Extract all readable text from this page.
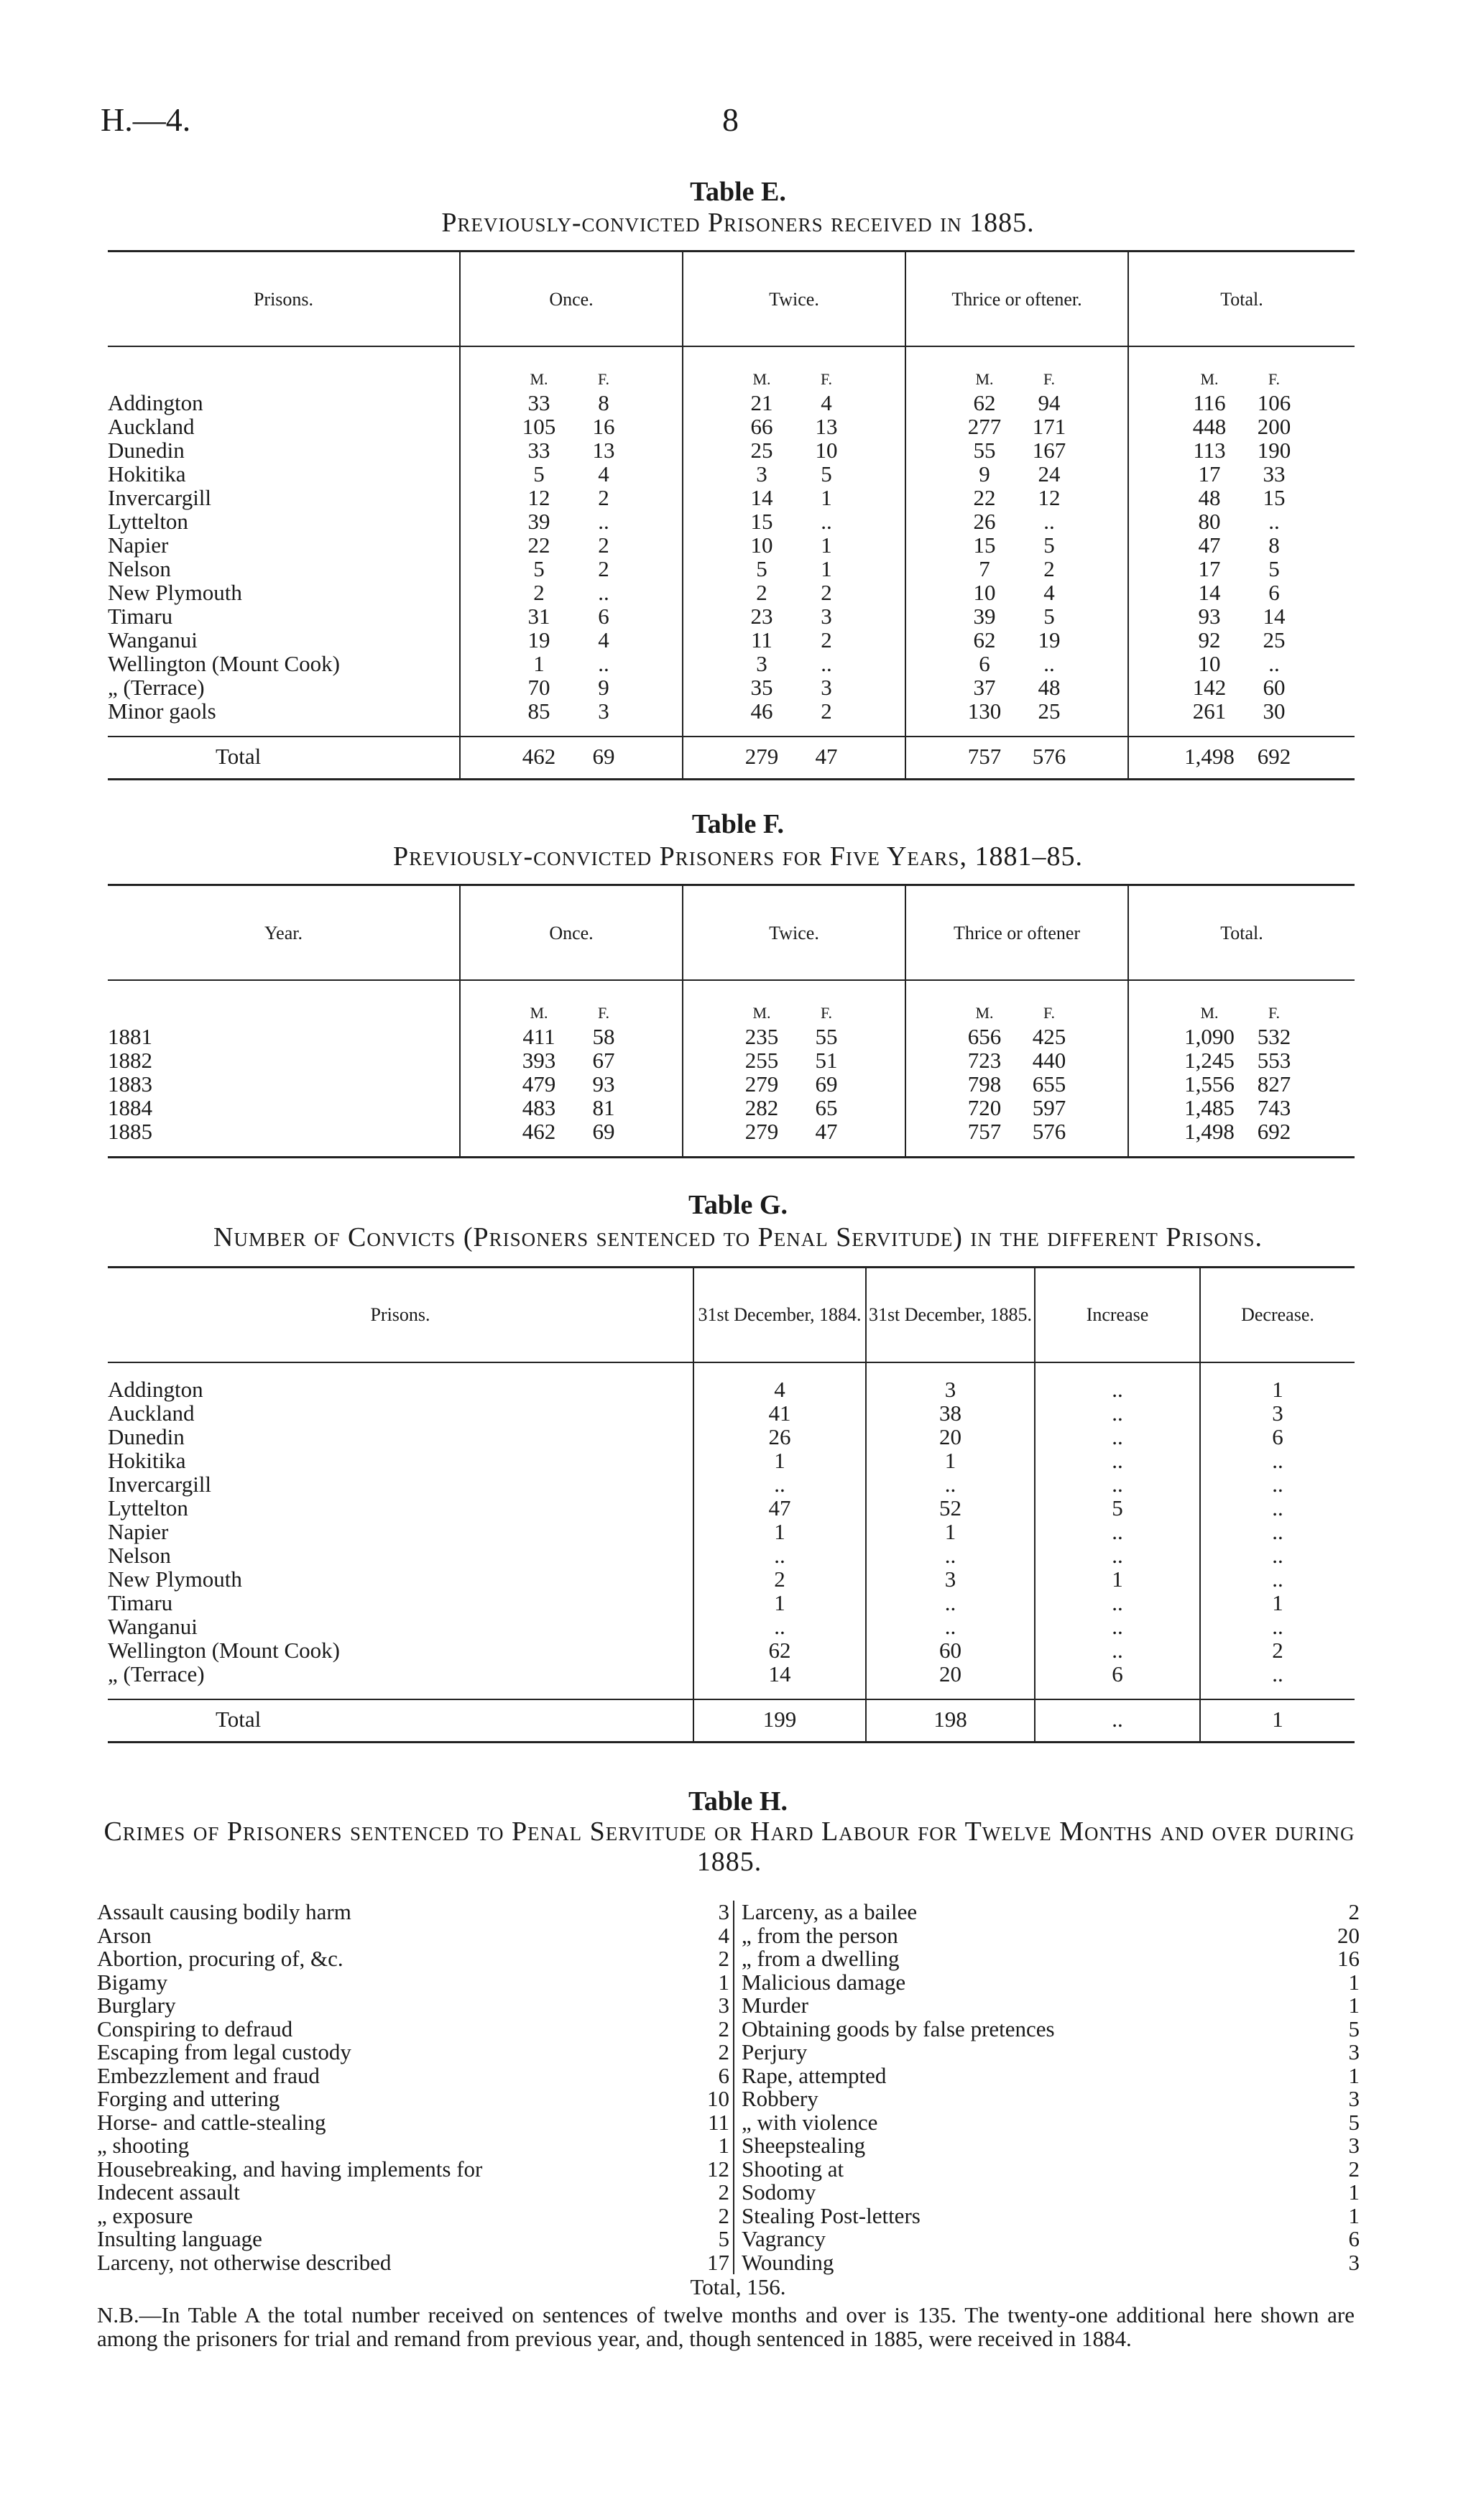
H.—4.	8
Table E.
Previously-convicted Prisoners received in 1885.
Prisons.	Once.	Twice.	Thrice or oftener.	Total.
	M. F.	M. F.	M. F.	M. F.
Addington	33 8	21 4	62 94	116 106
Auckland	105 16	66 13	277 171	448 200
Dunedin	33 13	25 10	55 167	113 190
Hokitika	5 4	3 5	9 24	17 33
Invercargill	12 2	14 1	22 12	48 15
Lyttelton	39 ..	15 ..	26 ..	80 ..
Napier	22 2	10 1	15 5	47 8
Nelson	5 2	5 1	7 2	17 5
New Plymouth	2 ..	2 2	10 4	14 6
Timaru	31 6	23 3	39 5	93 14
Wanganui	19 4	11 2	62 19	92 25
Wellington (Mount Cook)	1 ..	3 ..	6 ..	10 ..
„ (Terrace)	70 9	35 3	37 48	142 60
Minor gaols	85 3	46 2	130 25	261 30
Total	462 69	279 47	757 576	1,498 692
Table F.
Previously-convicted Prisoners for Five Years, 1881–85.
Year.	Once.	Twice.	Thrice or oftener	Total.
	M. F.	M. F.	M. F.	M. F.
1881	411 58	235 55	656 425	1,090 532
1882	393 67	255 51	723 440	1,245 553
1883	479 93	279 69	798 655	1,556 827
1884	483 81	282 65	720 597	1,485 743
1885	462 69	279 47	757 576	1,498 692
Table G.
Number of Convicts (Prisoners sentenced to Penal Servitude) in the different Prisons.
Prisons.	31st December, 1884.	31st December, 1885.	Increase	Decrease.

Addington	4	3	..	1
Auckland	41	38	..	3
Dunedin	26	20	..	6
Hokitika	1	1	..	..
Invercargill	..	..	..	..
Lyttelton	47	52	5	..
Napier	1	1	..	..
Nelson	..	..	..	..
New Plymouth	2	3	1	..
Timaru	1	..	..	1
Wanganui	..	..	..	..
Wellington (Mount Cook)	62	60	..	2
„ (Terrace)	14	20	6	..
Total	199	198	..	1
Table H.
Crimes of Prisoners sentenced to Penal Servitude or Hard Labour for Twelve Months and over during 1885.
Assault causing bodily harm	3
Arson	4
Abortion, procuring of, &c.	2
Bigamy	1
Burglary	3
Conspiring to defraud	2
Escaping from legal custody	2
Embezzlement and fraud	6
Forging and uttering	10
Horse- and cattle-stealing	11
„ shooting	1
Housebreaking, and having implements for	12
Indecent assault	2
„ exposure	2
Insulting language	5
Larceny, not otherwise described	17
Larceny, as a bailee	2
„ from the person	20
„ from a dwelling	16
Malicious damage	1
Murder	1
Obtaining goods by false pretences	5
Perjury	3
Rape, attempted	1
Robbery	3
„ with violence	5
Sheepstealing	3
Shooting at	2
Sodomy	1
Stealing Post-letters	1
Vagrancy	6
Wounding	3
Total, 156.
N.B.—In Table A the total number received on sentences of twelve months and over is 135. The twenty-one additional here shown are among the prisoners for trial and remand from previous year, and, though sentenced in 1885, were received in 1884.
